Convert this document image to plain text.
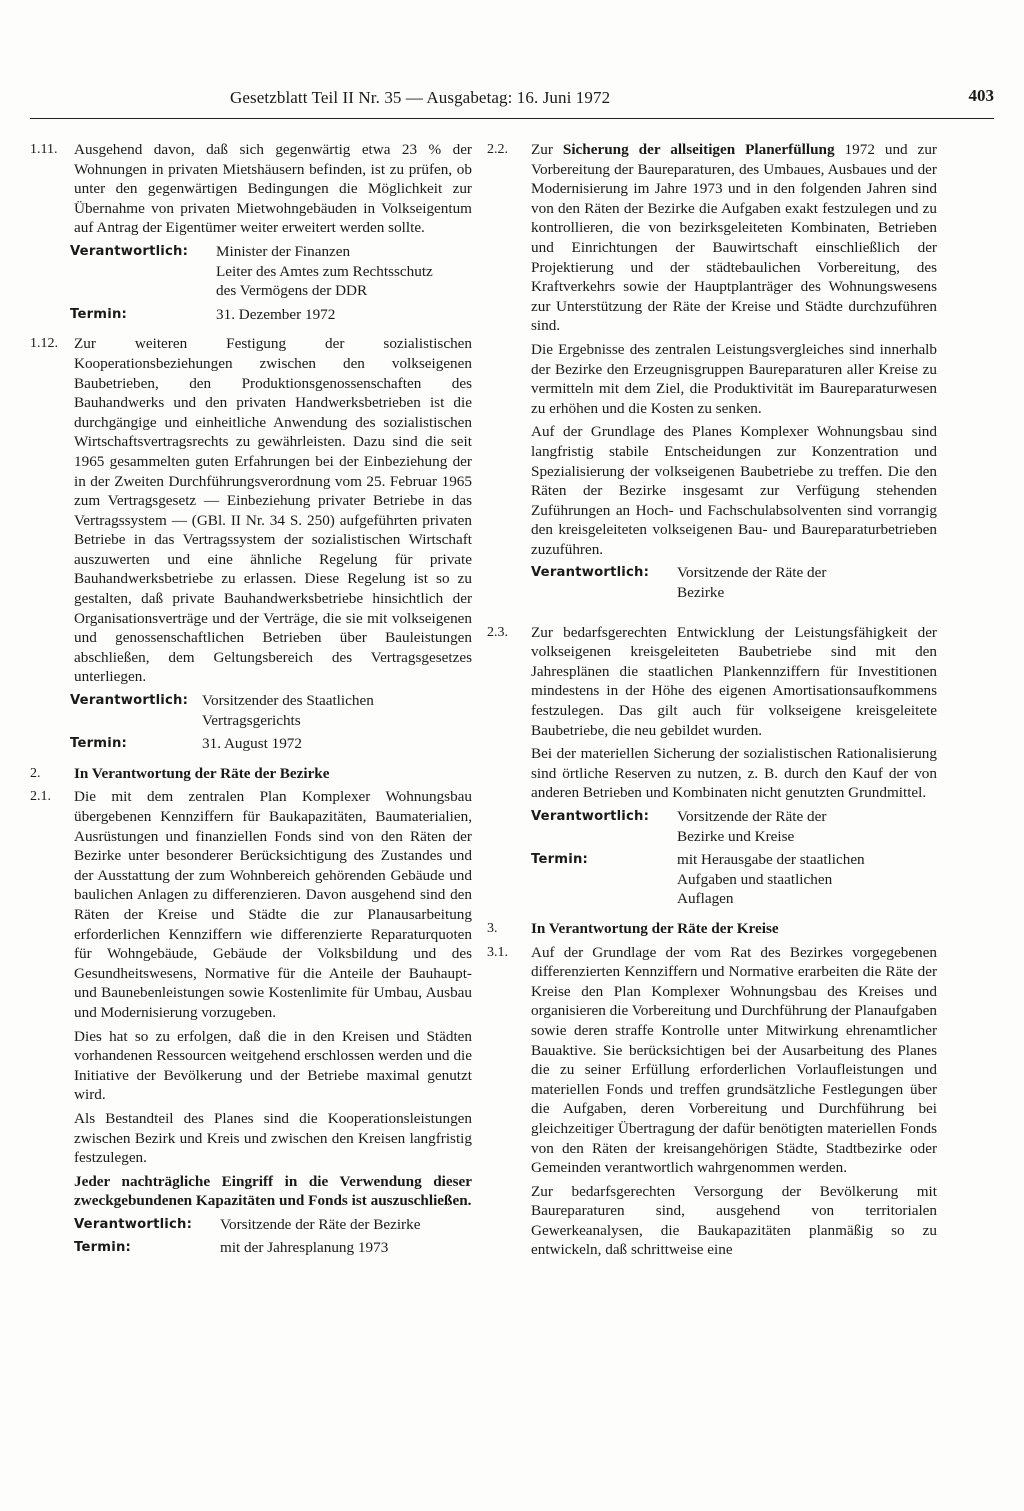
Gesetzblatt Teil II Nr. 35 — Ausgabetag: 16. Juni 1972	403
1.11. Ausgehend davon, daß sich gegenwärtig etwa 23 % der Wohnungen in privaten Mietshäusern befinden, ist zu prüfen, ob unter den gegenwärtigen Bedingungen die Möglichkeit zur Übernahme von privaten Mietwohngebäuden in Volkseigentum auf Antrag der Eigentümer weiter erweitert werden sollte.

Verantwortlich:	Minister der Finanzen
Leiter des Amtes zum Rechtsschutz des Vermögens der DDR
Termin:	31. Dezember 1972
1.12. Zur weiteren Festigung der sozialistischen Kooperationsbeziehungen zwischen den volkseigenen Baubetrieben, den Produktionsgenossenschaften des Bauhandwerks und den privaten Handwerksbetrieben ist die durchgängige und einheitliche Anwendung des sozialistischen Wirtschaftsvertragsrechts zu gewährleisten. Dazu sind die seit 1965 gesammelten guten Erfahrungen bei der Einbeziehung der in der Zweiten Durchführungsverordnung vom 25. Februar 1965 zum Vertragsgesetz — Einbeziehung privater Betriebe in das Vertragssystem — (GBl. II Nr. 34 S. 250) aufgeführten privaten Betriebe in das Vertragssystem der sozialistischen Wirtschaft auszuwerten und eine ähnliche Regelung für private Bauhandwerksbetriebe zu erlassen. Diese Regelung ist so zu gestalten, daß private Bauhandwerksbetriebe hinsichtlich der Organisationsverträge und der Verträge, die sie mit volkseigenen und genossenschaftlichen Betrieben über Bauleistungen abschließen, dem Geltungsbereich des Vertragsgesetzes unterliegen.

Verantwortlich: Vorsitzender des Staatlichen Vertragsgerichts
Termin:	31. August 1972
2. In Verantwortung der Räte der Bezirke

2.1. Die mit dem zentralen Plan Komplexer Wohnungsbau übergebenen Kennziffern für Baukapazitäten, Baumaterialien, Ausrüstungen und finanziellen Fonds sind von den Räten der Bezirke unter besonderer Berücksichtigung des Zustandes und der Ausstattung der zum Wohnbereich gehörenden Gebäude und baulichen Anlagen zu differenzieren. Davon ausgehend sind den Räten der Kreise und Städte die zur Planausarbeitung erforderlichen Kennziffern wie differenzierte Reparaturquoten für Wohngebäude, Gebäude der Volksbildung und des Gesundheitswesens, Normative für die Anteile der Bauhaupt- und Baunebenleistungen sowie Kostenlimite für Umbau, Ausbau und Modernisierung vorzugeben.

Dies hat so zu erfolgen, daß die in den Kreisen und Städten vorhandenen Ressourcen weitgehend erschlossen werden und die Initiative der Bevölkerung und der Betriebe maximal genutzt wird.

Als Bestandteil des Planes sind die Kooperationsleistungen zwischen Bezirk und Kreis und zwischen den Kreisen langfristig festzulegen.

Jeder nachträgliche Eingriff in die Verwendung dieser zweckgebundenen Kapazitäten und Fonds ist auszuschließen.

Verantwortlich:	Vorsitzende der Räte der Bezirke
Termin:	mit der Jahresplanung 1973
2.2. Zur Sicherung der allseitigen Planerfüllung 1972 und zur Vorbereitung der Baureparaturen, des Umbaues, Ausbaues und der Modernisierung im Jahre 1973 und in den folgenden Jahren sind von den Räten der Bezirke die Aufgaben exakt festzulegen und zu kontrollieren, die von bezirksgeleiteten Kombinaten, Betrieben und Einrichtungen der Bauwirtschaft einschließlich der Projektierung und der städtebaulichen Vorbereitung, des Kraftverkehrs sowie der Hauptplanträger des Wohnungswesens zur Unterstützung der Räte der Kreise und Städte durchzuführen sind.

Die Ergebnisse des zentralen Leistungsvergleiches sind innerhalb der Bezirke den Erzeugnisgruppen Baureparaturen aller Kreise zu vermitteln mit dem Ziel, die Produktivität im Baureparaturwesen zu erhöhen und die Kosten zu senken.

Auf der Grundlage des Planes Komplexer Wohnungsbau sind langfristig stabile Entscheidungen zur Konzentration und Spezialisierung der volkseigenen Baubetriebe zu treffen. Die den Räten der Bezirke insgesamt zur Verfügung stehenden Zuführungen an Hoch- und Fachschulabsolventen sind vorrangig den kreisgeleiteten volkseigenen Bau- und Baureparaturbetrieben zuzuführen.

Verantwortlich:	Vorsitzende der Räte der Bezirke
2.3. Zur bedarfsgerechten Entwicklung der Leistungsfähigkeit der volkseigenen kreisgeleiteten Baubetriebe sind mit den Jahresplänen die staatlichen Plankennziffern für Investitionen mindestens in der Höhe des eigenen Amortisationsaufkommens festzulegen. Das gilt auch für volkseigene kreisgeleitete Baubetriebe, die neu gebildet wurden.

Bei der materiellen Sicherung der sozialistischen Rationalisierung sind örtliche Reserven zu nutzen, z. B. durch den Kauf der von anderen Betrieben und Kombinaten nicht genutzten Grundmittel.

Verantwortlich:	Vorsitzende der Räte der Bezirke und Kreise
Termin:	mit Herausgabe der staatlichen Aufgaben und staatlichen Auflagen
3. In Verantwortung der Räte der Kreise

3.1. Auf der Grundlage der vom Rat des Bezirkes vorgegebenen differenzierten Kennziffern und Normative erarbeiten die Räte der Kreise den Plan Komplexer Wohnungsbau des Kreises und organisieren die Vorbereitung und Durchführung der Planaufgaben sowie deren straffe Kontrolle unter Mitwirkung ehrenamtlicher Bauaktive. Sie berücksichtigen bei der Ausarbeitung des Planes die zu seiner Erfüllung erforderlichen Vorlaufleistungen und materiellen Fonds und treffen grundsätzliche Festlegungen über die Aufgaben, deren Vorbereitung und Durchführung bei gleichzeitiger Übertragung der dafür benötigten materiellen Fonds von den Räten der kreisangehörigen Städte, Stadtbezirke oder Gemeinden verantwortlich wahrgenommen werden.

Zur bedarfsgerechten Versorgung der Bevölkerung mit Baureparaturen sind, ausgehend von territorialen Gewerkeanalysen, die Baukapazitäten planmäßig so zu entwickeln, daß schrittweise eine
